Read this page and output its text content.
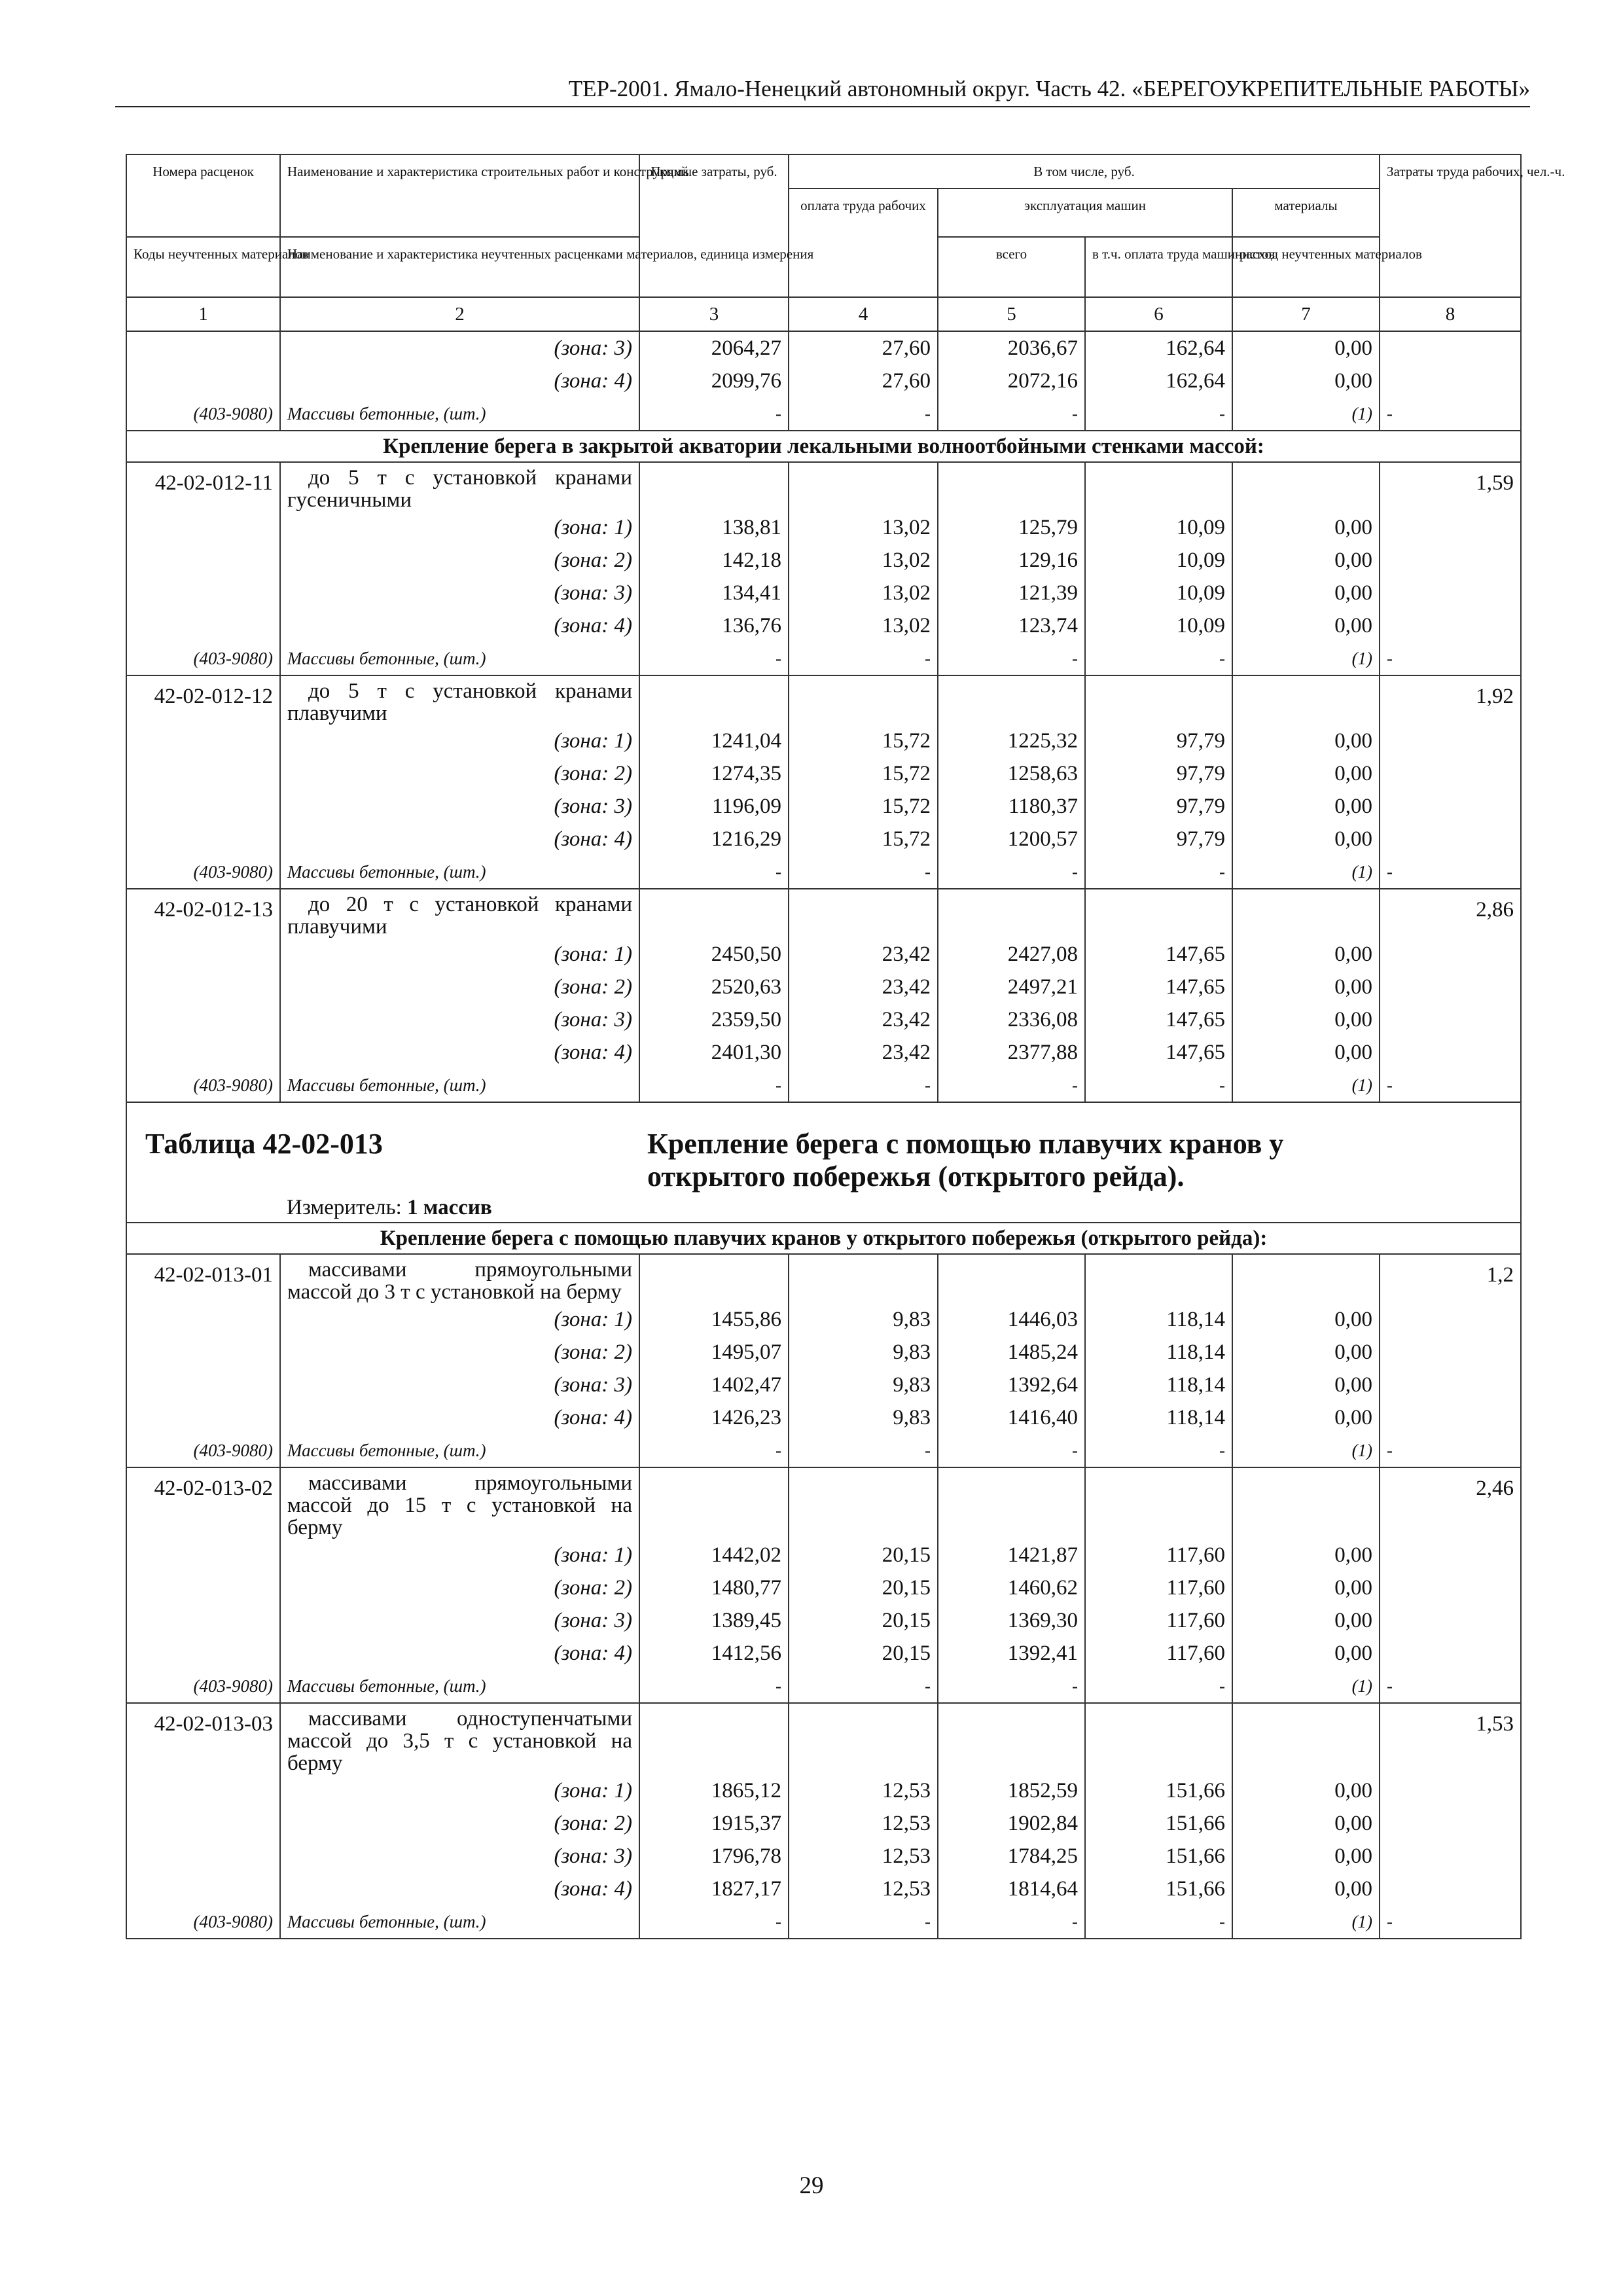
ТЕР-2001. Ямало-Ненецкий автономный округ. Часть 42. «БЕРЕГОУКРЕПИТЕЛЬНЫЕ РАБОТЫ»
Номера расценок	Наименование и характеристика строительных работ и конструкций	Прямые затраты, руб.	В том числе, руб.				Затраты труда рабочих, чел.-ч.
			оплата труда рабочих	эксплуатация машин		материалы	
Коды неучтенных материалов	Наименование и характеристика неучтенных расценками материалов, единица измерения			всего	в т.ч. оплата труда машинистов	расход неучтенных материалов	

1	2	3	4	5	6	7	8
	(зона: 3)	2064,27	27,60	2036,67	162,64	0,00	
	(зона: 4)	2099,76	27,60	2072,16	162,64	0,00	
(403-9080)	Массивы бетонные, (шт.)	-	-	-	-	(1)	-
Крепление берега в закрытой акватории лекальными волноотбойными стенками массой:							
42-02-012-11	до 5 т с установкой кранами гусеничными						1,59
	(зона: 1)	138,81	13,02	125,79	10,09	0,00	
	(зона: 2)	142,18	13,02	129,16	10,09	0,00	
	(зона: 3)	134,41	13,02	121,39	10,09	0,00	
	(зона: 4)	136,76	13,02	123,74	10,09	0,00	
(403-9080)	Массивы бетонные, (шт.)	-	-	-	-	(1)	-
42-02-012-12	до 5 т с установкой кранами плавучими						1,92
	(зона: 1)	1241,04	15,72	1225,32	97,79	0,00	
	(зона: 2)	1274,35	15,72	1258,63	97,79	0,00	
	(зона: 3)	1196,09	15,72	1180,37	97,79	0,00	
	(зона: 4)	1216,29	15,72	1200,57	97,79	0,00	
(403-9080)	Массивы бетонные, (шт.)	-	-	-	-	(1)	-
42-02-012-13	до 20 т с установкой кранами плавучими						2,86
	(зона: 1)	2450,50	23,42	2427,08	147,65	0,00	
	(зона: 2)	2520,63	23,42	2497,21	147,65	0,00	
	(зона: 3)	2359,50	23,42	2336,08	147,65	0,00	
	(зона: 4)	2401,30	23,42	2377,88	147,65	0,00	
(403-9080)	Массивы бетонные, (шт.)	-	-	-	-	(1)	-
Таблица 42-02-013		Крепление берега с помощью плавучих кранов у открытого побережья (открытого рейда).					
	Измеритель: 1 массив						
Крепление берега с помощью плавучих кранов у открытого побережья (открытого рейда):							
42-02-013-01	массивами прямоугольными массой до 3 т с установкой на берму						1,2
	(зона: 1)	1455,86	9,83	1446,03	118,14	0,00	
	(зона: 2)	1495,07	9,83	1485,24	118,14	0,00	
	(зона: 3)	1402,47	9,83	1392,64	118,14	0,00	
	(зона: 4)	1426,23	9,83	1416,40	118,14	0,00	
(403-9080)	Массивы бетонные, (шт.)	-	-	-	-	(1)	-
42-02-013-02	массивами прямоугольными массой до 15 т с установкой на берму						2,46
	(зона: 1)	1442,02	20,15	1421,87	117,60	0,00	
	(зона: 2)	1480,77	20,15	1460,62	117,60	0,00	
	(зона: 3)	1389,45	20,15	1369,30	117,60	0,00	
	(зона: 4)	1412,56	20,15	1392,41	117,60	0,00	
(403-9080)	Массивы бетонные, (шт.)	-	-	-	-	(1)	-
42-02-013-03	массивами одноступенчатыми массой до 3,5 т с установкой на берму						1,53
	(зона: 1)	1865,12	12,53	1852,59	151,66	0,00	
	(зона: 2)	1915,37	12,53	1902,84	151,66	0,00	
	(зона: 3)	1796,78	12,53	1784,25	151,66	0,00	
	(зона: 4)	1827,17	12,53	1814,64	151,66	0,00	
(403-9080)	Массивы бетонные, (шт.)	-	-	-	-	(1)	-
29
